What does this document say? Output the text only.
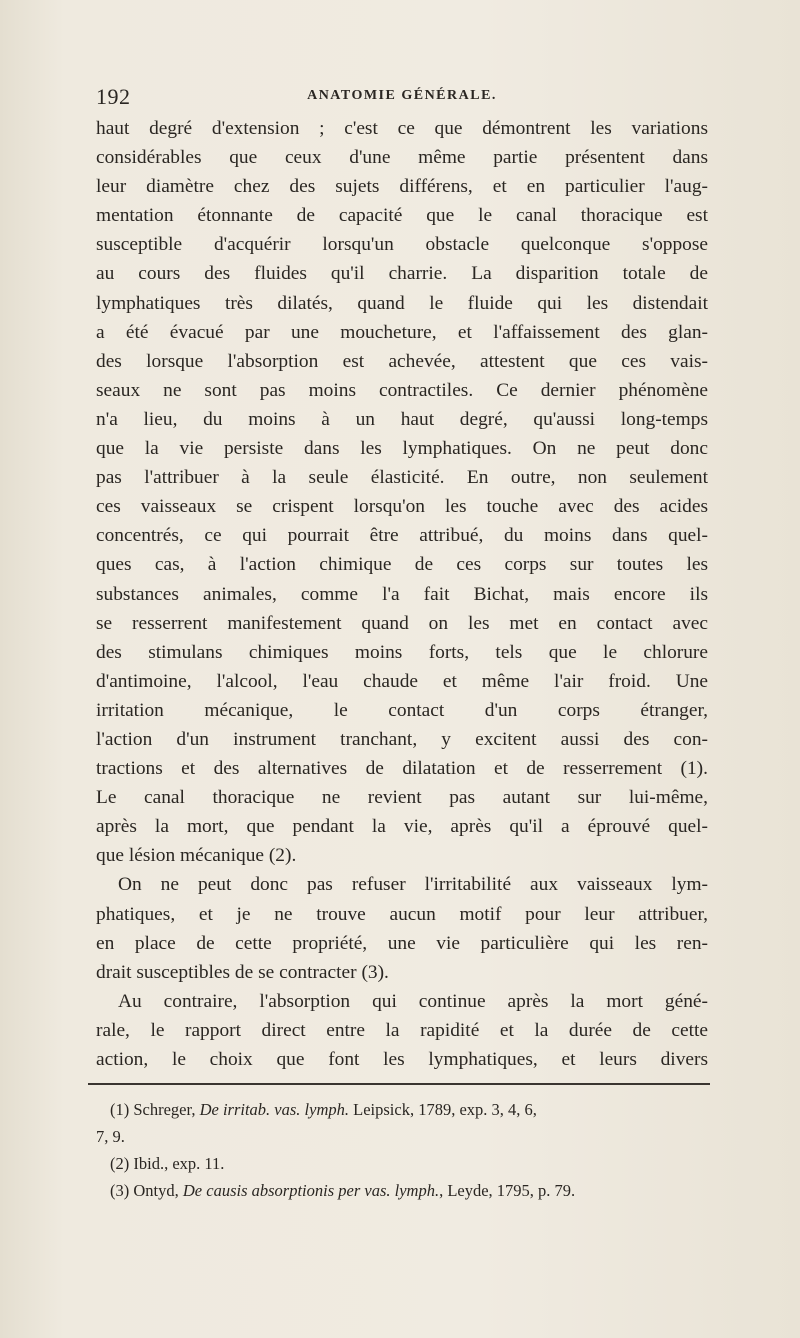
192	ANATOMIE GÉNÉRALE.
haut degré d'extension ; c'est ce que démontrent les variations
considérables que ceux d'une même partie présentent dans
leur diamètre chez des sujets différens, et en particulier l'aug-
mentation étonnante de capacité que le canal thoracique est
susceptible d'acquérir lorsqu'un obstacle quelconque s'oppose
au cours des fluides qu'il charrie. La disparition totale de
lymphatiques très dilatés, quand le fluide qui les distendait
a été évacué par une moucheture, et l'affaissement des glan-
des lorsque l'absorption est achevée, attestent que ces vais-
seaux ne sont pas moins contractiles. Ce dernier phénomène
n'a lieu, du moins à un haut degré, qu'aussi long-temps
que la vie persiste dans les lymphatiques. On ne peut donc
pas l'attribuer à la seule élasticité. En outre, non seulement
ces vaisseaux se crispent lorsqu'on les touche avec des acides
concentrés, ce qui pourrait être attribué, du moins dans quel-
ques cas, à l'action chimique de ces corps sur toutes les
substances animales, comme l'a fait Bichat, mais encore ils
se resserrent manifestement quand on les met en contact avec
des stimulans chimiques moins forts, tels que le chlorure
d'antimoine, l'alcool, l'eau chaude et même l'air froid. Une
irritation mécanique, le contact d'un corps étranger,
l'action d'un instrument tranchant, y excitent aussi des con-
tractions et des alternatives de dilatation et de resserrement (1).
Le canal thoracique ne revient pas autant sur lui-même,
après la mort, que pendant la vie, après qu'il a éprouvé quel-
que lésion mécanique (2).
On ne peut donc pas refuser l'irritabilité aux vaisseaux lym-
phatiques, et je ne trouve aucun motif pour leur attribuer,
en place de cette propriété, une vie particulière qui les ren-
drait susceptibles de se contracter (3).
Au contraire, l'absorption qui continue après la mort géné-
rale, le rapport direct entre la rapidité et la durée de cette
action, le choix que font les lymphatiques, et leurs divers
(1) Schreger, De irritab. vas. lymph. Leipsick, 1789, exp. 3, 4, 6,
7, 9.
(2) Ibid., exp. 11.
(3) Ontyd, De causis absorptionis per vas. lymph., Leyde, 1795, p. 79.
